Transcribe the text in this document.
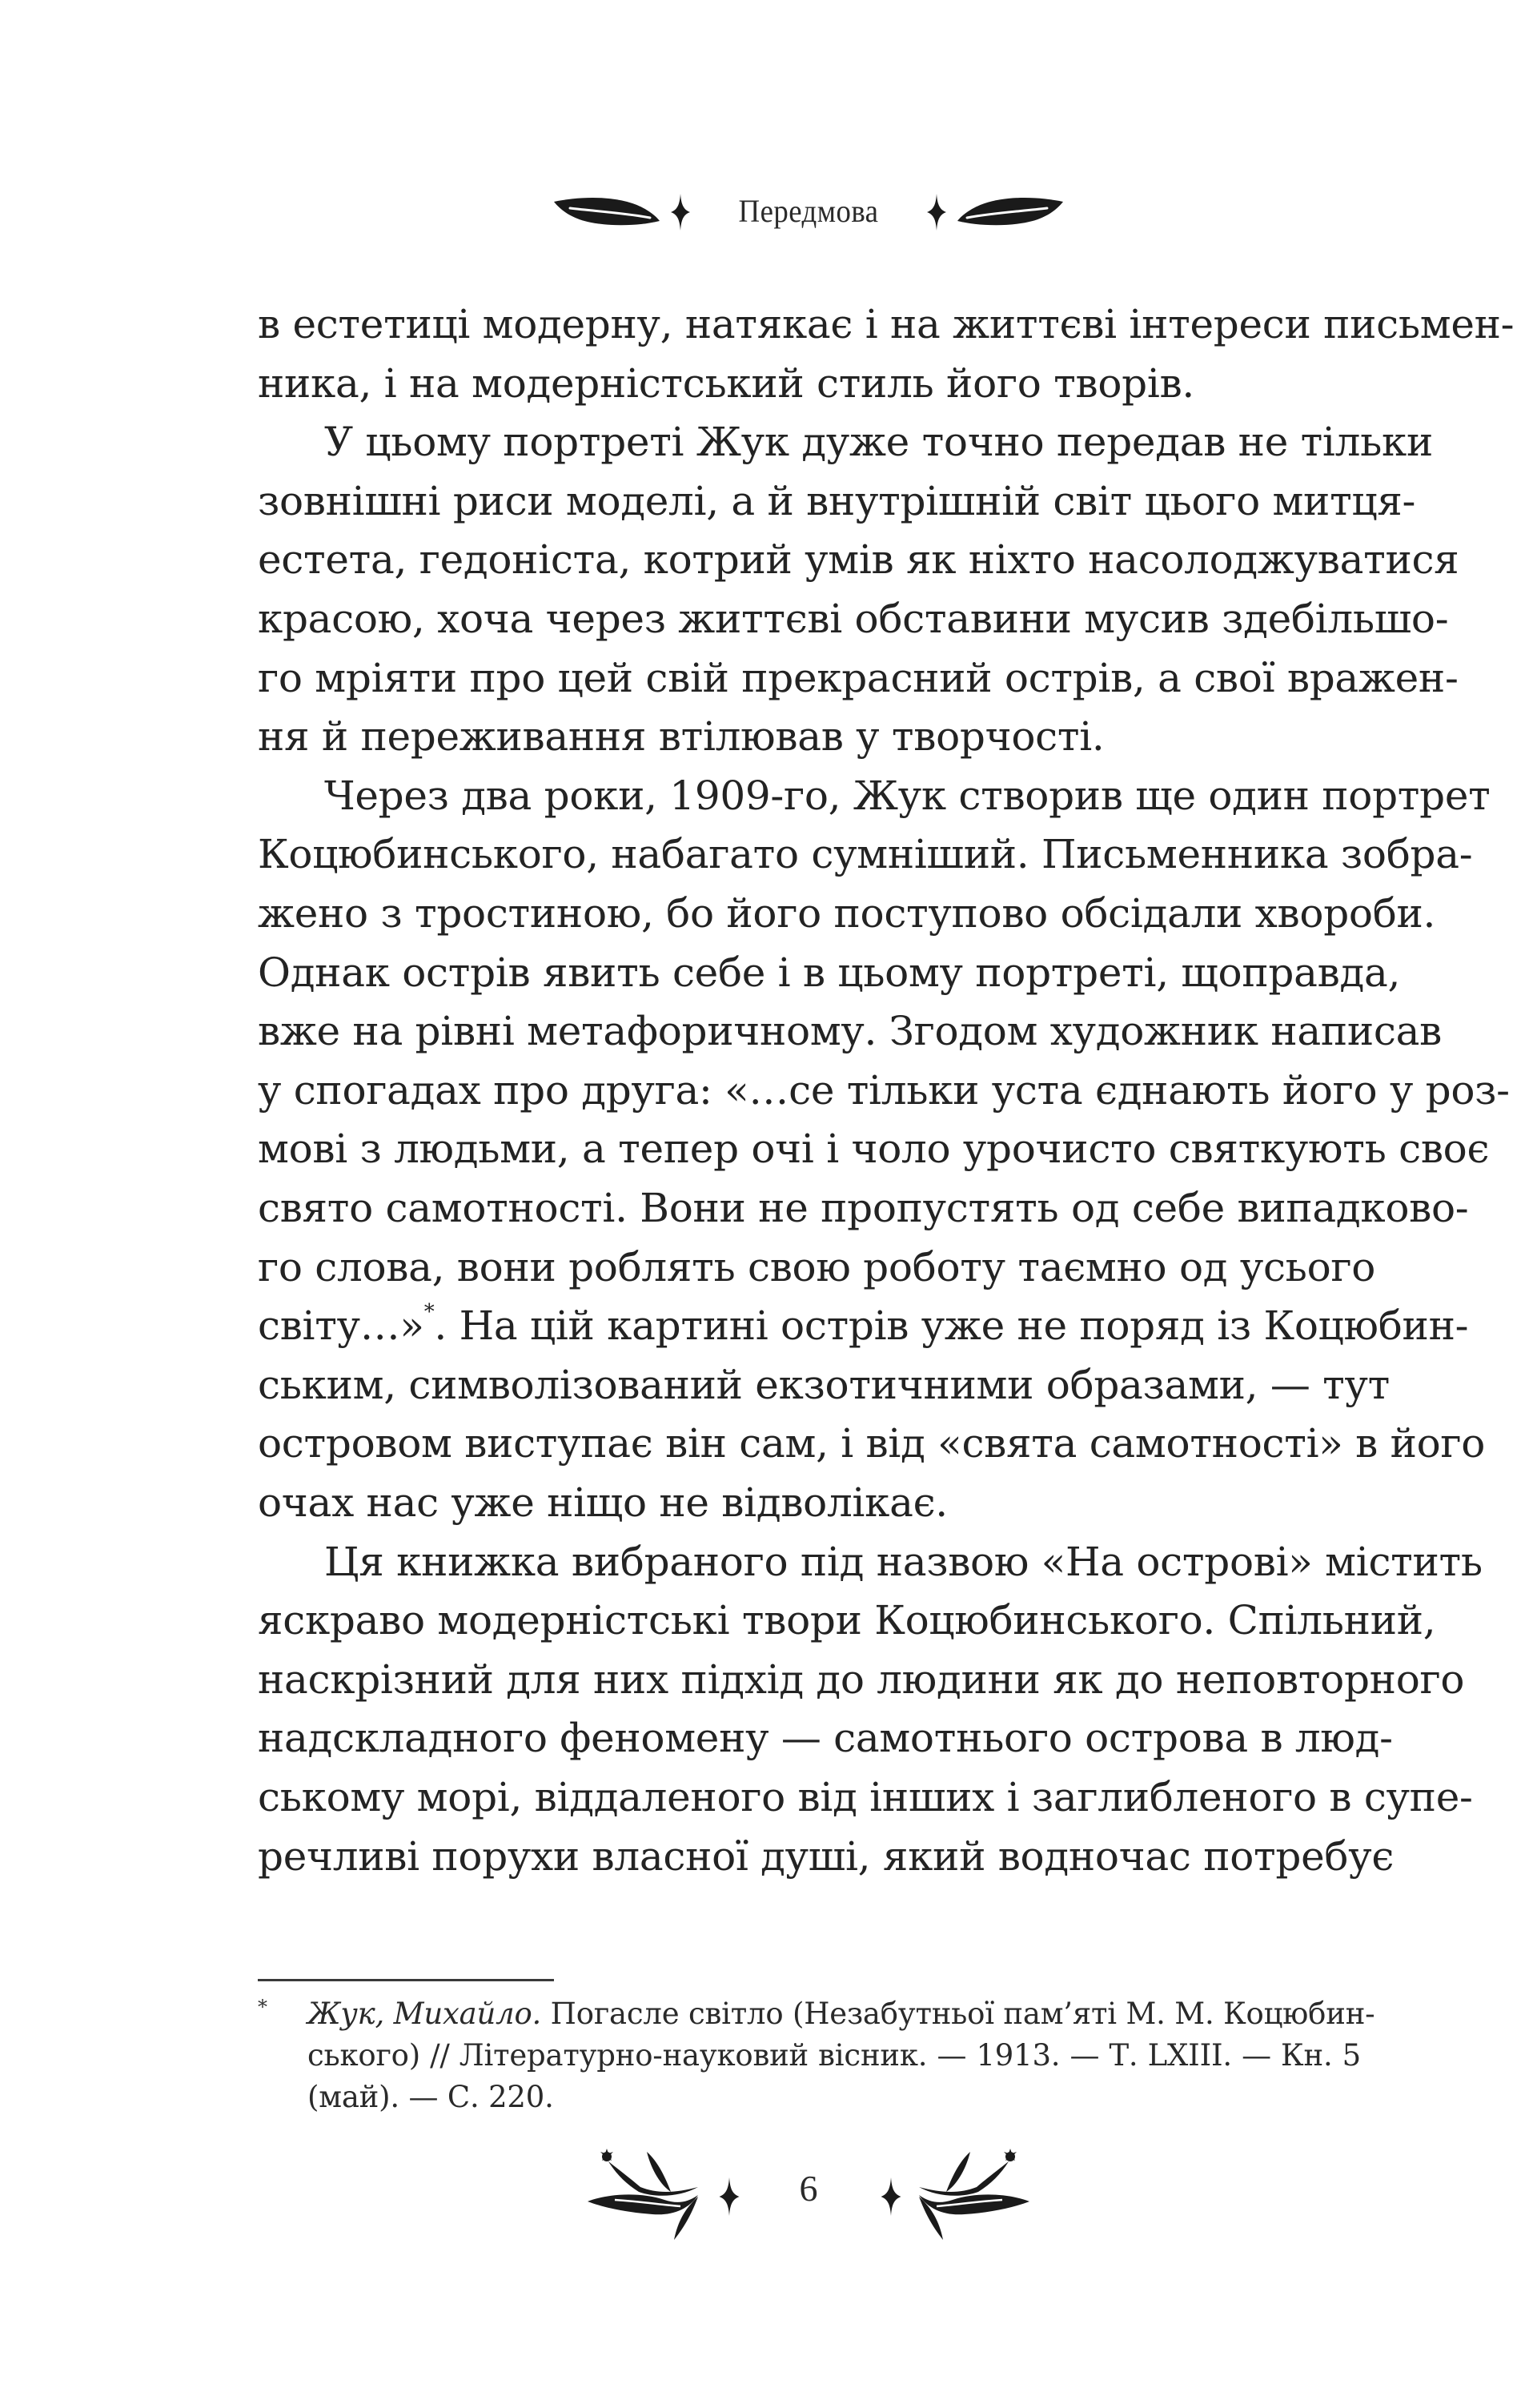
Передмова
в естетиці модерну, натякає і на життєві інтереси письмен-
ника, і на модерністський стиль його творів.
У цьому портреті Жук дуже точно передав не тільки
зовнішні риси моделі, а й внутрішній світ цього митця-
естета, гедоніста, котрий умів як ніхто насолоджуватися
красою, хоча через життєві обставини мусив здебільшо-
го мріяти про цей свій прекрасний острів, а свої вражен-
ня й переживання втілював у творчості.
Через два роки, 1909-го, Жук створив ще один портрет
Коцюбинського, набагато сумніший. Письменника зобра-
жено з тростиною, бо його поступово обсідали хвороби.
Однак острів явить себе і в цьому портреті, щоправда,
вже на рівні метафоричному. Згодом художник написав
у спогадах про друга: «…се тільки уста єднають його у роз-
мові з людьми, а тепер очі і чоло урочисто святкують своє
свято самотності. Вони не пропустять од себе випадково-
го слова, вони роблять свою роботу таємно од усього
світу…»*. На цій картині острів уже не поряд із Коцюбин-
ським, символізований екзотичними образами, — тут
островом виступає він сам, і від «свята самотності» в його
очах нас уже ніщо не відволікає.
Ця книжка вибраного під назвою «На острові» містить
яскраво модерністські твори Коцюбинського. Спільний,
наскрізний для них підхід до людини як до неповторного
надскладного феномену — самотнього острова в люд-
ському морі, віддаленого від інших і заглибленого в супе-
речливі порухи власної душі, який водночас потребує
* Жук, Михайло. Погасле світло (Незабутньої пам’яті М. М. Коцюбин-
ського) // Літературно-науковий вісник. — 1913. — Т. LXIII. — Кн. 5
(май). — С. 220.
6
